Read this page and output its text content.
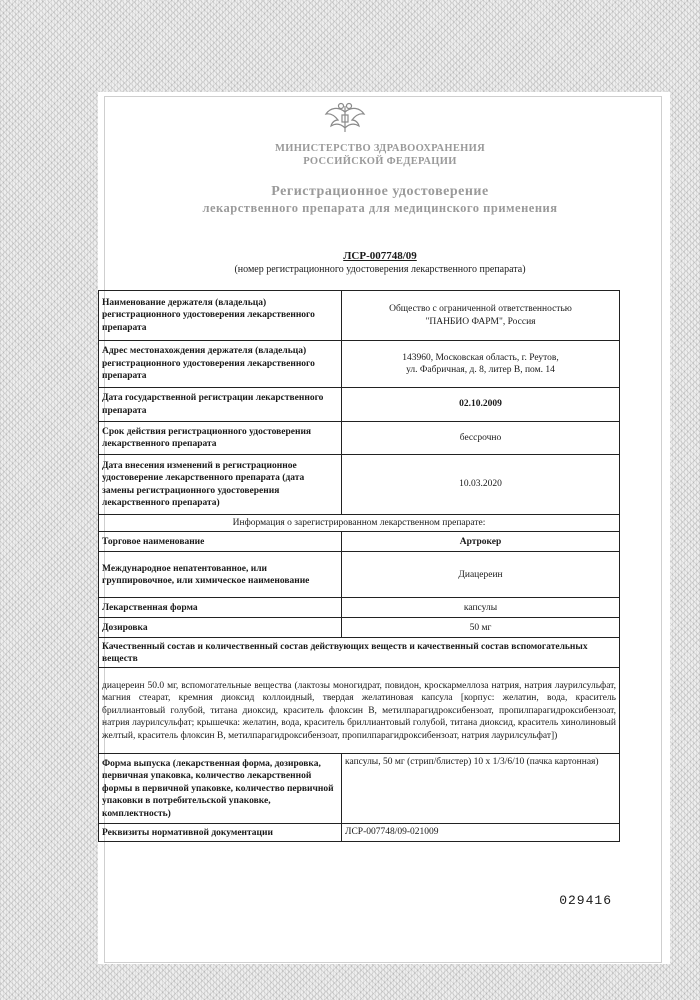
МИНИСТЕРСТВО ЗДРАВООХРАНЕНИЯ
РОССИЙСКОЙ ФЕДЕРАЦИИ
Регистрационное удостоверение
лекарственного препарата для медицинского применения
ЛСР-007748/09
(номер регистрационного удостоверения лекарственного препарата)
Наименование держателя (владельца) регистрационного удостоверения лекарственного препарата	Общество с ограниченной ответственностью
"ПАНБИО ФАРМ", Россия

Адрес местонахождения держателя (владельца) регистрационного удостоверения лекарственного препарата	143960, Московская область, г. Реутов,
ул. Фабричная, д. 8, литер В, пом. 14

Дата государственной регистрации лекарственного препарата	02.10.2009
Срок действия регистрационного удостоверения лекарственного препарата	бессрочно
Дата внесения изменений в регистрационное удостоверение лекарственного препарата (дата замены регистрационного удостоверения лекарственного препарата)	10.03.2020
Информация о зарегистрированном лекарственном препарате:	
Торговое наименование	Артрокер
Международное непатентованное, или группировочное, или химическое наименование	Диацереин
Лекарственная форма	капсулы
Дозировка	50 мг
Качественный состав и количественный состав действующих веществ и качественный состав вспомогательных веществ	
диацереин 50.0 мг, вспомогательные вещества (лактозы моногидрат, повидон, кроскармеллоза натрия, натрия лаурилсульфат, магния стеарат, кремния диоксид коллоидный, твердая желатиновая капсула [корпус: желатин, вода, краситель бриллиантовый голубой, титана диоксид, краситель флоксин В, метилпарагидроксибензоат, пропилпарагидроксибензоат, натрия лаурилсульфат; крышечка: желатин, вода, краситель бриллиантовый голубой, титана диоксид, краситель хинолиновый желтый, краситель флоксин В, метилпарагидроксибензоат, пропилпарагидроксибензоат, натрия лаурилсульфат])	
Форма выпуска (лекарственная форма, дозировка, первичная упаковка, количество лекарственной формы в первичной упаковке, количество первичной упаковки в потребительской упаковке, комплектность)	капсулы, 50 мг (стрип/блистер) 10 x 1/3/6/10 (пачка картонная)
Реквизиты нормативной документации	ЛСР-007748/09-021009
029416
